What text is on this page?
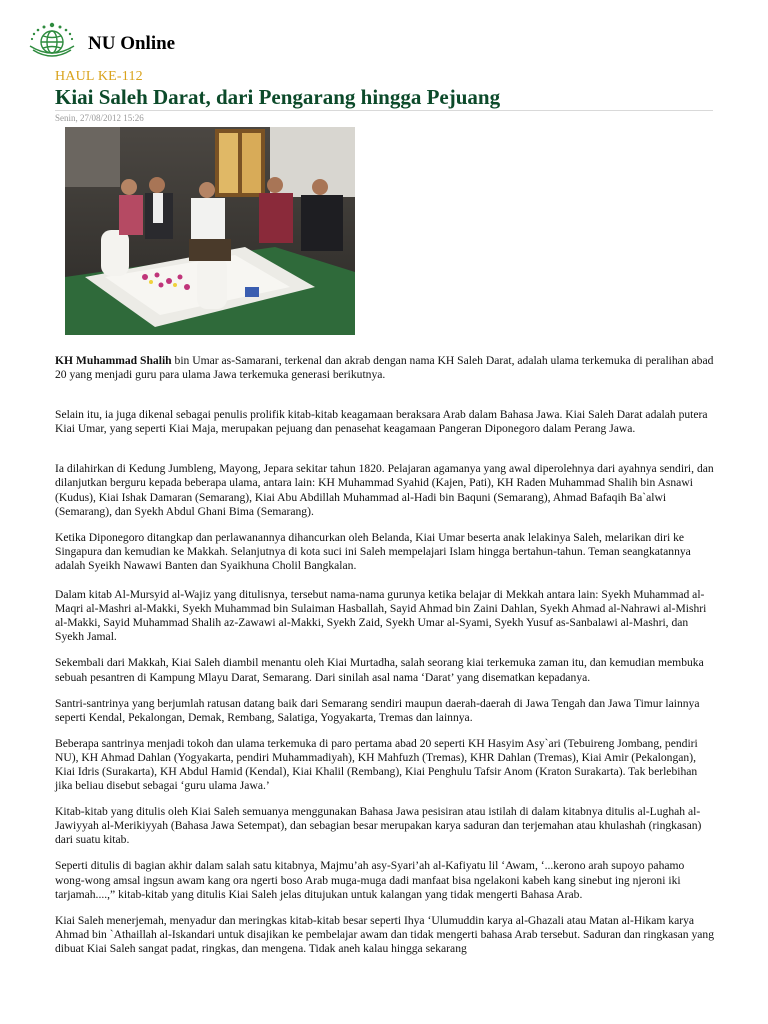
NU Online
HAUL KE-112
Kiai Saleh Darat, dari Pengarang hingga Pejuang
Senin, 27/08/2012 15:26

KH Muhammad Shalih bin Umar as-Samarani, terkenal dan akrab dengan nama KH Saleh Darat, adalah ulama terkemuka di peralihan abad 20 yang menjadi guru para ulama Jawa terkemuka generasi berikutnya.

Selain itu, ia juga dikenal sebagai penulis prolifik kitab-kitab keagamaan beraksara Arab dalam Bahasa Jawa. Kiai Saleh Darat adalah putera Kiai Umar, yang seperti Kiai Maja, merupakan pejuang dan penasehat keagamaan Pangeran Diponegoro dalam Perang Jawa.

Ia dilahirkan di Kedung Jumbleng, Mayong, Jepara sekitar tahun 1820. Pelajaran agamanya yang awal diperolehnya dari ayahnya sendiri, dan dilanjutkan berguru kepada beberapa ulama, antara lain: KH Muhammad Syahid (Kajen, Pati), KH Raden Muhammad Shalih bin Asnawi (Kudus), Kiai Ishak Damaran (Semarang), Kiai Abu Abdillah Muhammad al-Hadi bin Baquni (Semarang), Ahmad Bafaqih Ba`alwi (Semarang), dan Syekh Abdul Ghani Bima (Semarang).

Ketika Diponegoro ditangkap dan perlawanannya dihancurkan oleh Belanda, Kiai Umar beserta anak lelakinya Saleh, melarikan diri ke Singapura dan kemudian ke Makkah. Selanjutnya di kota suci ini Saleh mempelajari Islam hingga bertahun-tahun. Teman seangkatannya adalah Syeikh Nawawi Banten dan Syaikhuna Cholil Bangkalan.

Dalam kitab Al-Mursyid al-Wajiz yang ditulisnya, tersebut nama-nama gurunya ketika belajar di Mekkah antara lain: Syekh Muhammad al-Maqri al-Mashri al-Makki, Syekh Muhammad bin Sulaiman Hasballah, Sayid Ahmad bin Zaini Dahlan, Syekh Ahmad al-Nahrawi al-Mishri al-Makki, Sayid Muhammad Shalih az-Zawawi al-Makki, Syekh Zaid, Syekh Umar al-Syami, Syekh Yusuf as-Sanbalawi al-Mashri, dan Syekh Jamal.

Sekembali dari Makkah, Kiai Saleh diambil menantu oleh Kiai Murtadha, salah seorang kiai terkemuka zaman itu, dan kemudian membuka sebuah pesantren di Kampung Mlayu Darat, Semarang. Dari sinilah asal nama ‘Darat’ yang disematkan kepadanya.

Santri-santrinya yang berjumlah ratusan datang baik dari Semarang sendiri maupun daerah-daerah di Jawa Tengah dan Jawa Timur lainnya seperti Kendal, Pekalongan, Demak, Rembang, Salatiga, Yogyakarta, Tremas dan lainnya.

Beberapa santrinya menjadi tokoh dan ulama terkemuka di paro pertama abad 20 seperti KH Hasyim Asy`ari (Tebuireng Jombang, pendiri NU), KH Ahmad Dahlan (Yogyakarta, pendiri Muhammadiyah), KH Mahfuzh (Tremas), KHR Dahlan (Tremas), Kiai Amir (Pekalongan), Kiai Idris (Surakarta), KH Abdul Hamid (Kendal), Kiai Khalil (Rembang), Kiai Penghulu Tafsir Anom (Kraton Surakarta). Tak berlebihan jika beliau disebut sebagai ‘guru ulama Jawa.’

Kitab-kitab yang ditulis oleh Kiai Saleh semuanya menggunakan Bahasa Jawa pesisiran atau istilah di dalam kitabnya ditulis al-Lughah al-Jawiyyah al-Merikiyyah (Bahasa Jawa Setempat), dan sebagian besar merupakan karya saduran dan terjemahan atau khulashah (ringkasan) dari suatu kitab.

Seperti ditulis di bagian akhir dalam salah satu kitabnya, Majmu’ah asy-Syari’ah al-Kafiyatu lil ‘Awam, ‘...kerono arah supoyo pahamo wong-wong amsal ingsun awam kang ora ngerti boso Arab muga-muga dadi manfaat bisa ngelakoni kabeh kang sinebut ing njeroni iki tarjamah....,” kitab-kitab yang ditulis Kiai Saleh jelas ditujukan untuk kalangan yang tidak mengerti Bahasa Arab.

Kiai Saleh menerjemah, menyadur dan meringkas kitab-kitab besar seperti Ihya ‘Ulumuddin karya al-Ghazali atau Matan al-Hikam karya Ahmad bin `Athaillah al-Iskandari untuk disajikan ke pembelajar awam dan tidak mengerti bahasa Arab tersebut. Saduran dan ringkasan yang dibuat Kiai Saleh sangat padat, ringkas, dan mengena. Tidak aneh kalau hingga sekarang
